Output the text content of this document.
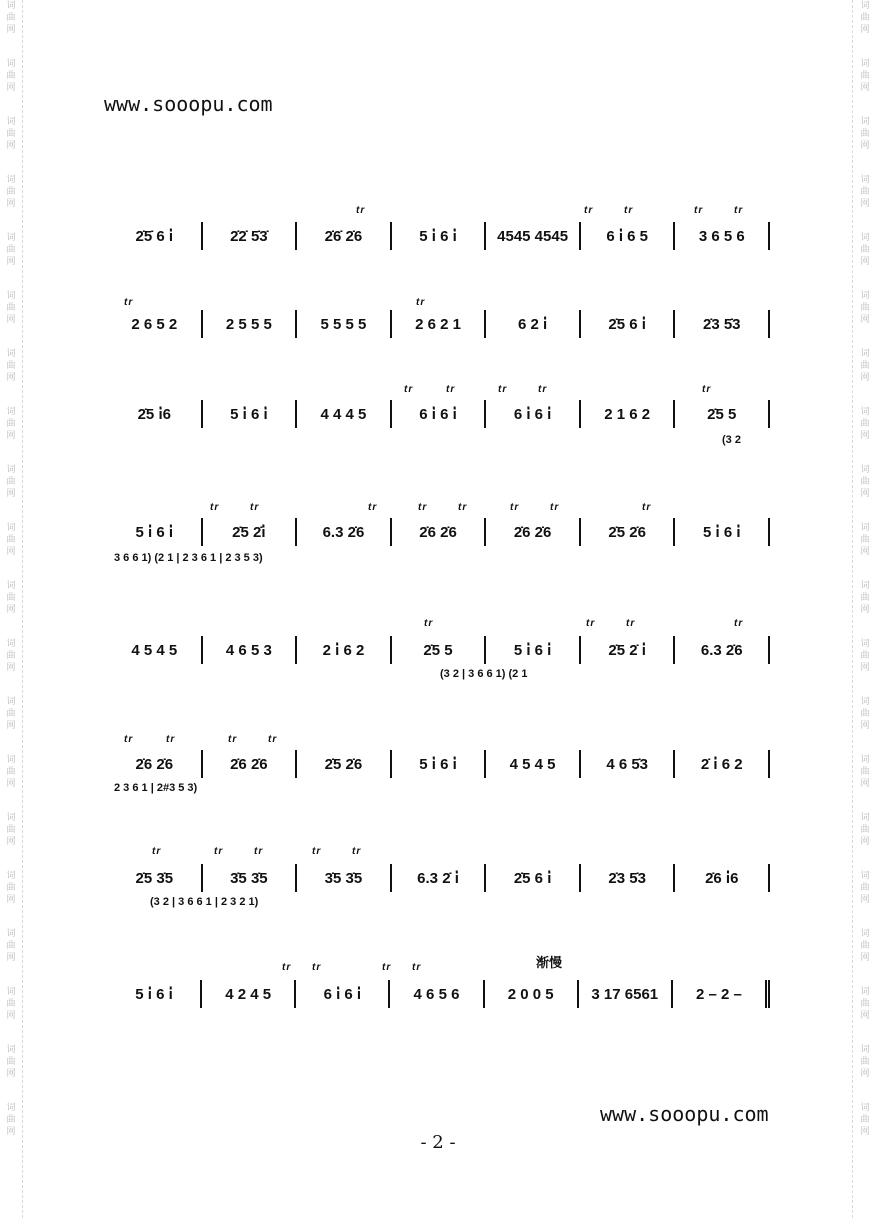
词
曲
网
词
曲
网
词
曲
网
词
曲
网
词
曲
网
词
曲
网
词
曲
网
词
曲
网
词
曲
网
词
曲
网
词
曲
网
词
曲
网
词
曲
网
词
曲
网
词
曲
网
词
曲
网
词
曲
网
词
曲
网
词
曲
网
词
曲
网
词
曲
网
词
曲
网
词
曲
网
词
曲
网
词
曲
网
词
曲
网
词
曲
网
词
曲
网
词
曲
网
词
曲
网
词
曲
网
词
曲
网
词
曲
网
词
曲
网
词
曲
网
词
曲
网
词
曲
网
词
曲
网
词
曲
网
词
曲
网
www.sooopu.com
2̇5̇ 6 i̇	2̇2̇ 5̇3̇	2̇6̇ 2̇6	5 i̇ 6 i̇	4545 4545	6 i̇ 6 5	3 6 5 6
tr	tr	tr	tr	tr
2 6 5 2	2 5 5 5	5 5 5 5	2 6 2 1	6 2 i̇	2̇5 6 i̇	2̇3 5̇3
tr	tr
2̇5 i̇6	5 i̇ 6 i̇	4 4 4 5	6 i̇ 6 i̇	6 i̇ 6 i̇	2 1 6 2	2̇5 5
tr	tr	tr	tr	tr
(3 2
5 i̇ 6 i̇	2̇5 2̇i̇	6.3 2̇6	2̇6 2̇6	2̇6 2̇6	2̇5 2̇6	5 i̇ 6 i̇
tr	tr	tr	tr	tr	tr	tr	tr
3 6 6 1) (2 1 | 2 3 6 1 | 2 3 5 3)
4 5 4 5	4 6 5 3	2 i̇ 6 2	2̇5 5	5 i̇ 6 i̇	2̇5 2̇ i̇	6.3 2̇6
tr	tr	tr	tr
(3 2 | 3 6 6 1) (2 1
2̇6 2̇6	2̇6 2̇6	2̇5 2̇6	5 i̇ 6 i̇	4 5 4 5	4 6 5̇3	2̇ i̇ 6 2
tr	tr	tr	tr
2 3 6 1 | 2#3 5 3)
2̇5 3̇5	3̇5 3̇5	3̇5 3̇5	6.3 2̇ i̇	2̇5 6 i̇	2̇3 5̇3	2̇6 i̇6
tr	tr	tr	tr	tr
(3 2 | 3 6 6 1 | 2 3 2 1)
渐慢
5 i̇ 6 i̇	4 2 4 5	6 i̇ 6 i̇	4 6 5 6	2 0 0 5	3 17 6561	2 – 2 –
tr tr	tr tr
www.sooopu.com
- 2 -
